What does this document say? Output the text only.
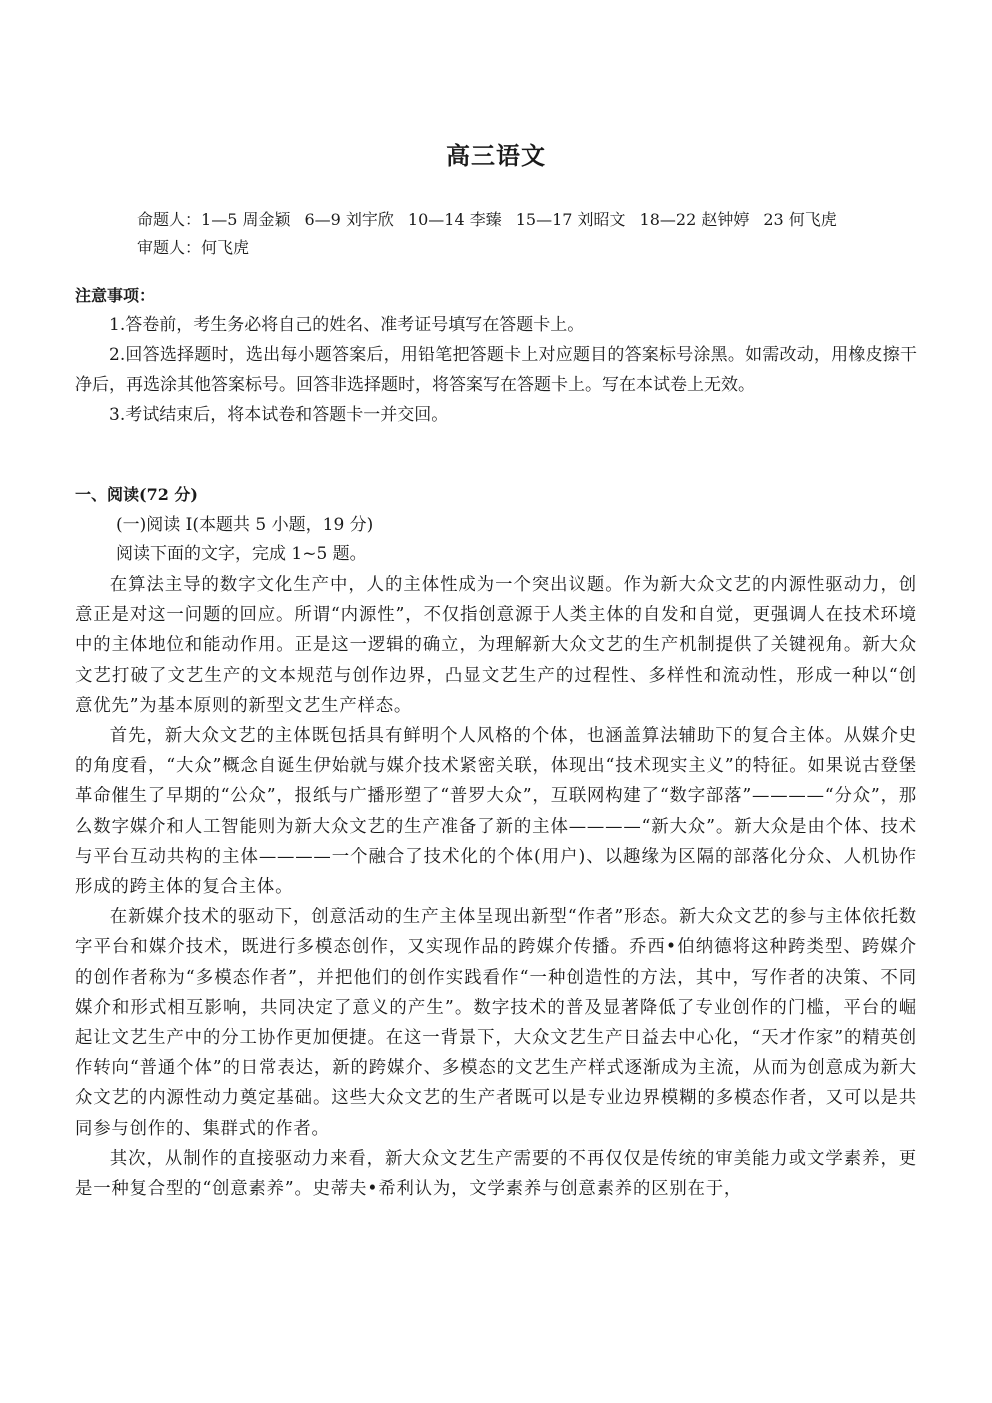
高三语文
命题人：1—5 周金颖 6—9 刘宇欣 10—14 李臻 15—17 刘昭文 18—22 赵钟婷 23 何飞虎
审题人：何飞虎
注意事项：

1.答卷前，考生务必将自己的姓名、准考证号填写在答题卡上。

2.回答选择题时，选出每小题答案后，用铅笔把答题卡上对应题目的答案标号涂黑。如需改动，用橡皮擦干净后，再选涂其他答案标号。回答非选择题时，将答案写在答题卡上。写在本试卷上无效。

3.考试结束后，将本试卷和答题卡一并交回。

一、阅读(72 分)
(一)阅读 I(本题共 5 小题，19 分)
阅读下面的文字，完成 1~5 题。

在算法主导的数字文化生产中，人的主体性成为一个突出议题。作为新大众文艺的内源性驱动力，创意正是对这一问题的回应。所谓“内源性”，不仅指创意源于人类主体的自发和自觉，更强调人在技术环境中的主体地位和能动作用。正是这一逻辑的确立，为理解新大众文艺的生产机制提供了关键视角。新大众文艺打破了文艺生产的文本规范与创作边界，凸显文艺生产的过程性、多样性和流动性，形成一种以“创意优先”为基本原则的新型文艺生产样态。

首先，新大众文艺的主体既包括具有鲜明个人风格的个体，也涵盖算法辅助下的复合主体。从媒介史的角度看，“大众”概念自诞生伊始就与媒介技术紧密关联，体现出“技术现实主义”的特征。如果说古登堡革命催生了早期的“公众”，报纸与广播形塑了“普罗大众”，互联网构建了“数字部落”————“分众”，那么数字媒介和人工智能则为新大众文艺的生产准备了新的主体————“新大众”。新大众是由个体、技术与平台互动共构的主体————一个融合了技术化的个体(用户)、以趣缘为区隔的部落化分众、人机协作形成的跨主体的复合主体。

在新媒介技术的驱动下，创意活动的生产主体呈现出新型“作者”形态。新大众文艺的参与主体依托数字平台和媒介技术，既进行多模态创作，又实现作品的跨媒介传播。乔西•伯纳德将这种跨类型、跨媒介的创作者称为“多模态作者”，并把他们的创作实践看作“一种创造性的方法，其中，写作者的决策、不同媒介和形式相互影响，共同决定了意义的产生”。数字技术的普及显著降低了专业创作的门槛，平台的崛起让文艺生产中的分工协作更加便捷。在这一背景下，大众文艺生产日益去中心化，“天才作家”的精英创作转向“普通个体”的日常表达，新的跨媒介、多模态的文艺生产样式逐渐成为主流，从而为创意成为新大众文艺的内源性动力奠定基础。这些大众文艺的生产者既可以是专业边界模糊的多模态作者，又可以是共同参与创作的、集群式的作者。

其次，从制作的直接驱动力来看，新大众文艺生产需要的不再仅仅是传统的审美能力或文学素养，更是一种复合型的“创意素养”。史蒂夫•希利认为，文学素养与创意素养的区别在于，
